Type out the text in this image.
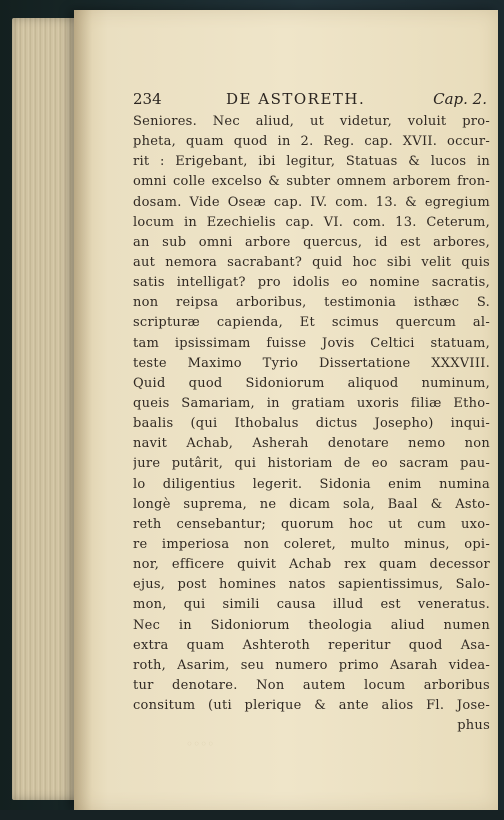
234	DE ASTORETH.	Cap. 2.
Seniores. Nec aliud, ut videtur, voluit pro-
pheta, quam quod in 2. Reg. cap. XVII. occur-
rit : Erigebant, ibi legitur, Statuas & lucos in
omni colle excelso & subter omnem arborem fron-
dosam. Vide Oseæ cap. IV. com. 13. & egregium
locum in Ezechielis cap. VI. com. 13. Ceterum,
an sub omni arbore quercus, id est arbores,
aut nemora sacrabant? quid hoc sibi velit quis
satis intelligat? pro idolis eo nomine sacratis,
non reipsa arboribus, testimonia isthæc S.
scripturæ capienda, Et scimus quercum al-
tam ipsissimam fuisse Jovis Celtici statuam,
teste Maximo Tyrio Dissertatione XXXVIII.
Quid quod Sidoniorum aliquod numinum,
queis Samariam, in gratiam uxoris filiæ Etho-
baalis (qui Ithobalus dictus Josepho) inqui-
navit Achab, Asherah denotare nemo non
jure putârit, qui historiam de eo sacram pau-
lo diligentius legerit. Sidonia enim numina
longè suprema, ne dicam sola, Baal & Asto-
reth censebantur; quorum hoc ut cum uxo-
re imperiosa non coleret, multo minus, opi-
nor, efficere quivit Achab rex quam decessor
ejus, post homines natos sapientissimus, Salo-
mon, qui simili causa illud est veneratus.
Nec in Sidoniorum theologia aliud numen
extra quam Ashteroth reperitur quod Asa-
roth, Asarim, seu numero primo Asarah videa-
tur denotare. Non autem locum arboribus
consitum (uti plerique & ante alios Fl. Jose-
phus
◦◦◦◦
